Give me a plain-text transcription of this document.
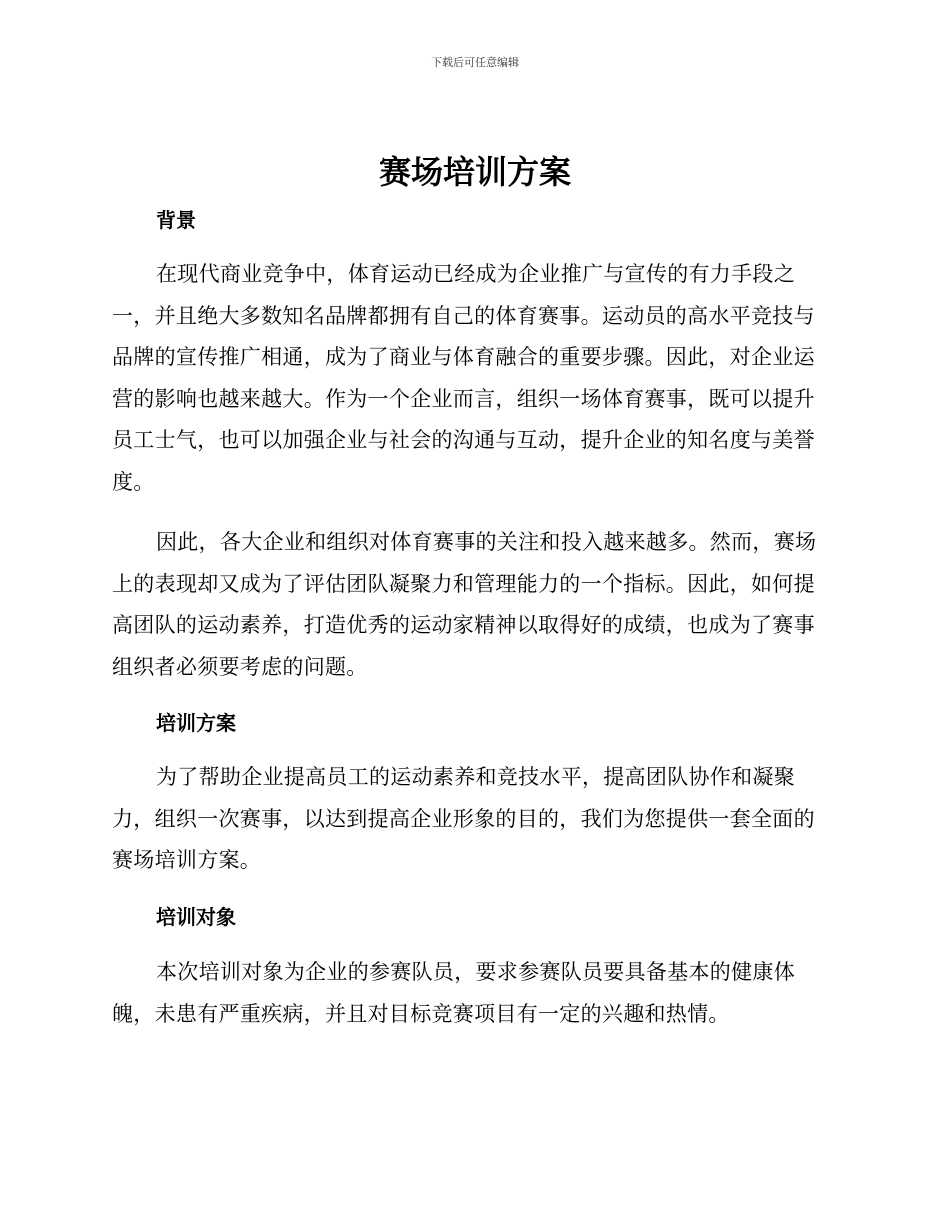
下载后可任意编辑
赛场培训方案
背景

在现代商业竞争中，体育运动已经成为企业推广与宣传的有力手段之一，并且绝大多数知名品牌都拥有自己的体育赛事。运动员的高水平竞技与品牌的宣传推广相通，成为了商业与体育融合的重要步骤。因此，对企业运营的影响也越来越大。作为一个企业而言，组织一场体育赛事，既可以提升员工士气，也可以加强企业与社会的沟通与互动，提升企业的知名度与美誉度。

因此，各大企业和组织对体育赛事的关注和投入越来越多。然而，赛场上的表现却又成为了评估团队凝聚力和管理能力的一个指标。因此，如何提高团队的运动素养，打造优秀的运动家精神以取得好的成绩，也成为了赛事组织者必须要考虑的问题。

培训方案

为了帮助企业提高员工的运动素养和竞技水平，提高团队协作和凝聚力，组织一次赛事，以达到提高企业形象的目的，我们为您提供一套全面的赛场培训方案。

培训对象

本次培训对象为企业的参赛队员，要求参赛队员要具备基本的健康体魄，未患有严重疾病，并且对目标竞赛项目有一定的兴趣和热情。
